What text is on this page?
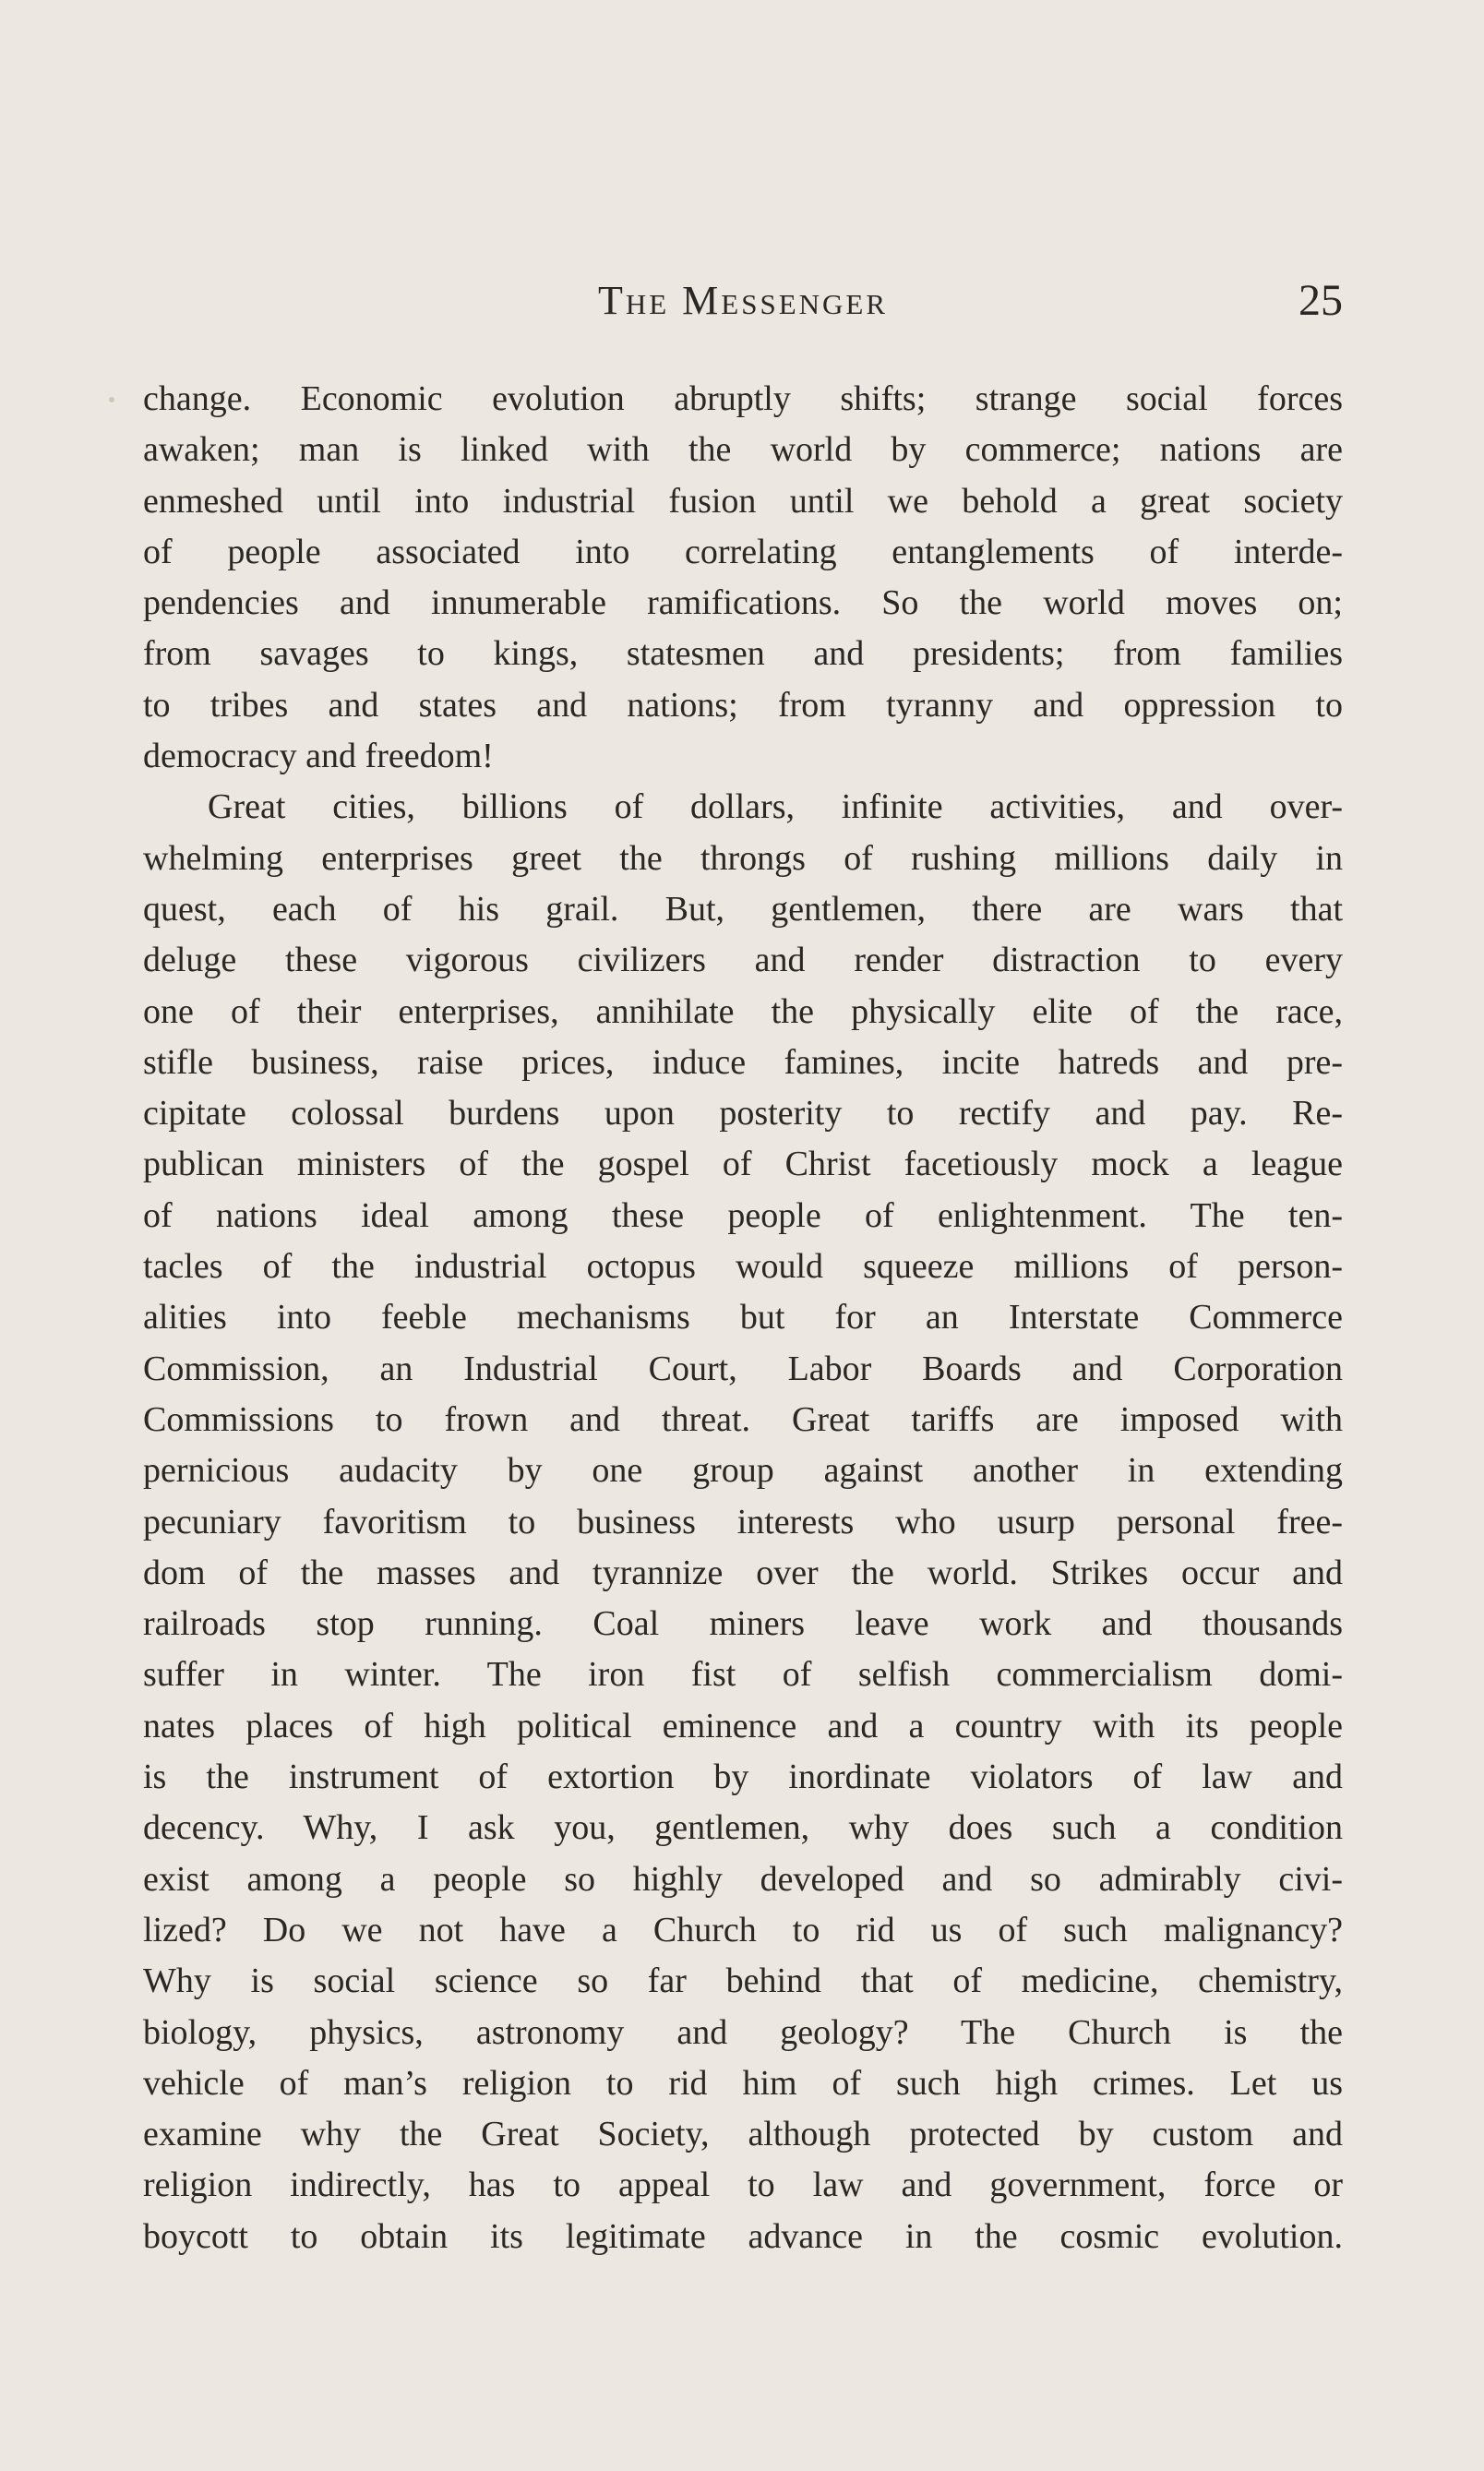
The Messenger	25
change. Economic evolution abruptly shifts; strange social forces
awaken; man is linked with the world by commerce; nations are
enmeshed until into industrial fusion until we behold a great society
of people associated into correlating entanglements of interde-
pendencies and innumerable ramifications. So the world moves on;
from savages to kings, statesmen and presidents; from families
to tribes and states and nations; from tyranny and oppression to
democracy and freedom!
Great cities, billions of dollars, infinite activities, and over-
whelming enterprises greet the throngs of rushing millions daily in
quest, each of his grail. But, gentlemen, there are wars that
deluge these vigorous civilizers and render distraction to every
one of their enterprises, annihilate the physically elite of the race,
stifle business, raise prices, induce famines, incite hatreds and pre-
cipitate colossal burdens upon posterity to rectify and pay. Re-
publican ministers of the gospel of Christ facetiously mock a league
of nations ideal among these people of enlightenment. The ten-
tacles of the industrial octopus would squeeze millions of person-
alities into feeble mechanisms but for an Interstate Commerce
Commission, an Industrial Court, Labor Boards and Corporation
Commissions to frown and threat. Great tariffs are imposed with
pernicious audacity by one group against another in extending
pecuniary favoritism to business interests who usurp personal free-
dom of the masses and tyrannize over the world. Strikes occur and
railroads stop running. Coal miners leave work and thousands
suffer in winter. The iron fist of selfish commercialism domi-
nates places of high political eminence and a country with its people
is the instrument of extortion by inordinate violators of law and
decency. Why, I ask you, gentlemen, why does such a condition
exist among a people so highly developed and so admirably civi-
lized? Do we not have a Church to rid us of such malignancy?
Why is social science so far behind that of medicine, chemistry,
biology, physics, astronomy and geology? The Church is the
vehicle of man’s religion to rid him of such high crimes. Let us
examine why the Great Society, although protected by custom and
religion indirectly, has to appeal to law and government, force or
boycott to obtain its legitimate advance in the cosmic evolution.
